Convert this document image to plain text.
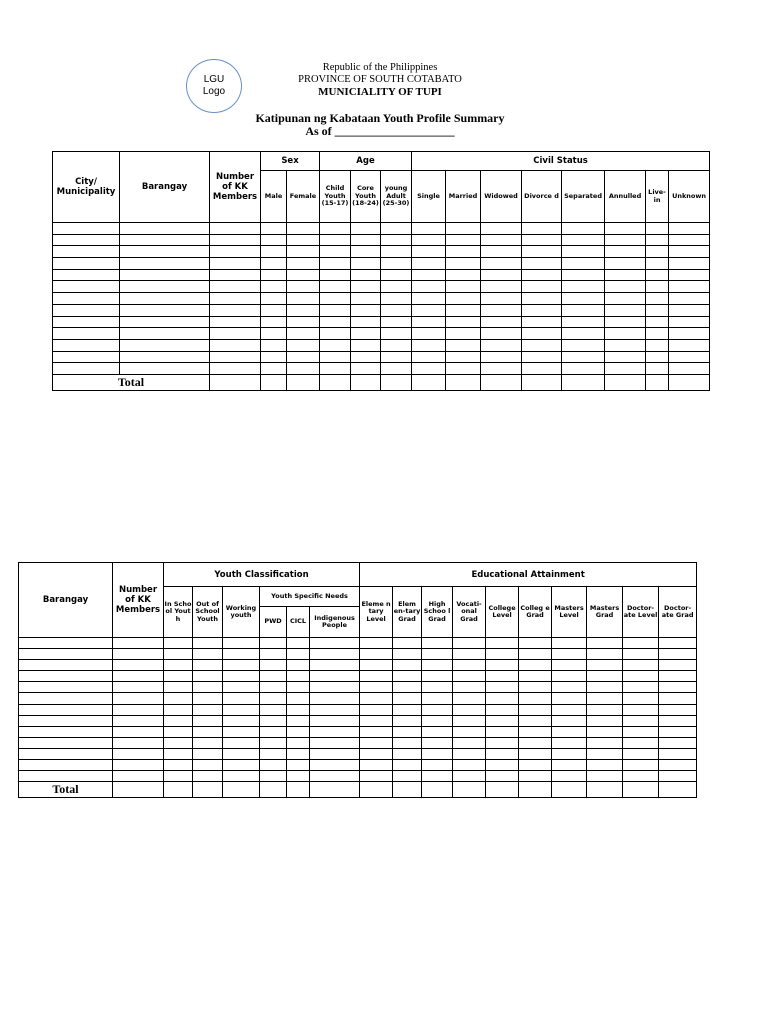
LGU
Logo
Republic of the Philippines
PROVINCE OF SOUTH COTABATO
MUNICIALITY OF TUPI
Katipunan ng Kabataan Youth Profile Summary
As of ____________________
City/ Municipality	Barangay	Number of KK Members	Sex		Age			Civil Status								
			Male	Female	Child Youth (15-17)	Core Youth (18-24)	young Adult (25-30)	Single	Married	Widowed	Divorce d	Separated	Annulled	Live-in	Unknown	

Total																
Barangay	Number of KK Members	Youth Classification						Educational Attainment									
		In Scho ol Yout h	Out of School Youth	Working youth	Youth Specific Needs			Eleme n tary Level	Elem en-tary Grad	High Schoo l Grad	Vocati-onal Grad	College Level	Colleg e Grad	Masters Level	Masters Grad	Doctor-ate Level	Doctor-ate Grad
					PWD	CICL	Indigenous People										

Total																	
